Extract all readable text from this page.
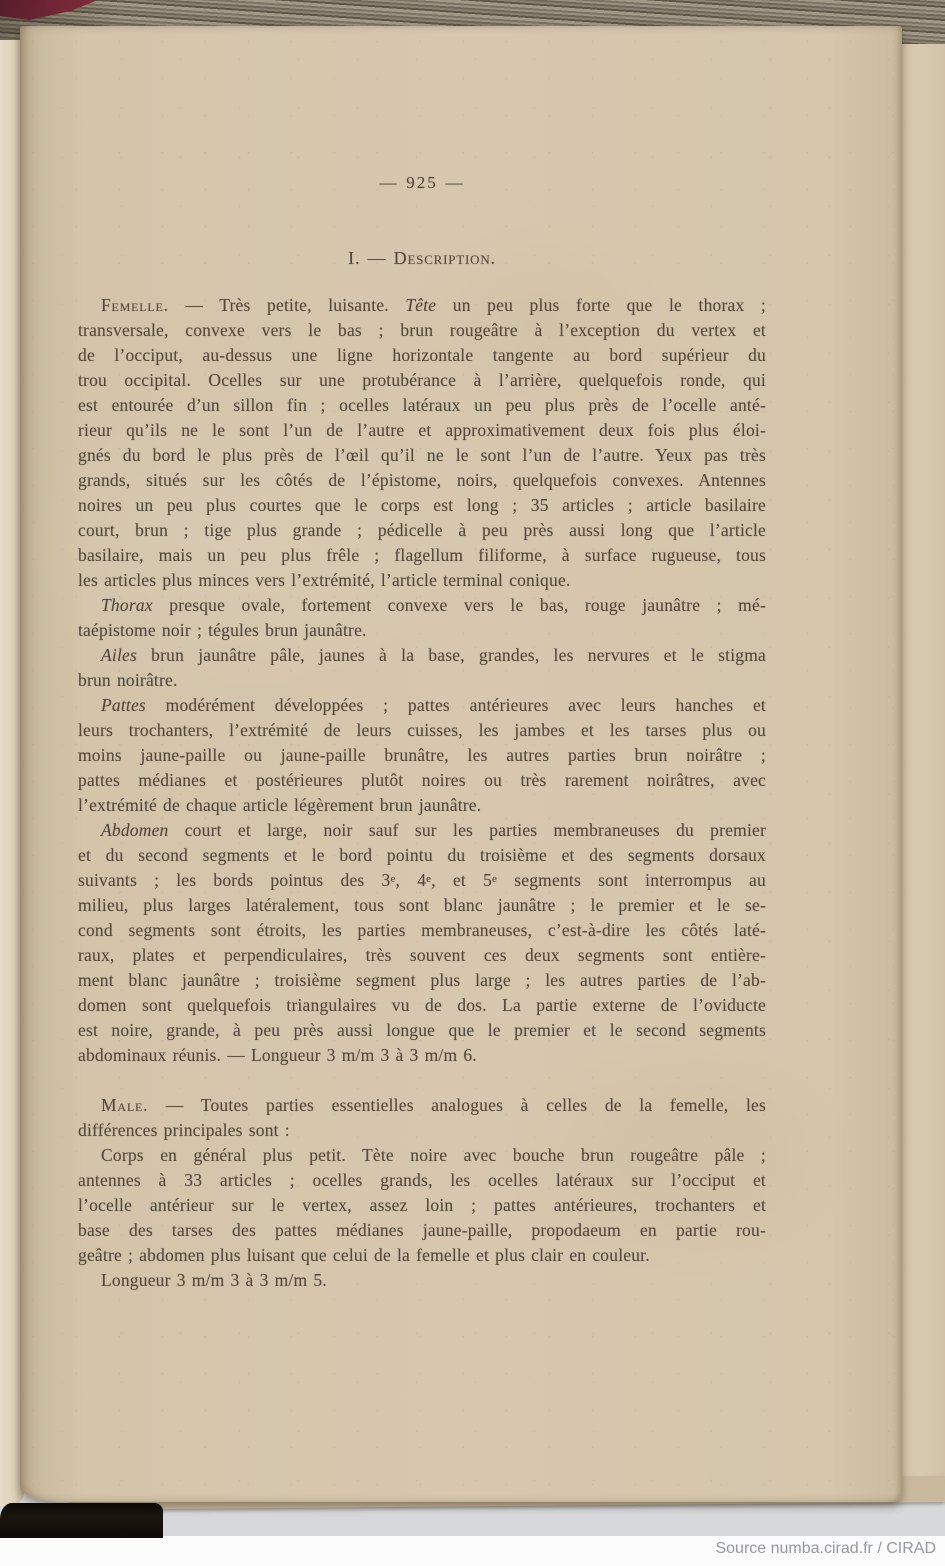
— 925 —
I. — Description.
Femelle. — Très petite, luisante. Tête un peu plus forte que le thorax ;
transversale, convexe vers le bas ; brun rougeâtre à l’exception du vertex et
de l’occiput, au-dessus une ligne horizontale tangente au bord supérieur du
trou occipital. Ocelles sur une protubérance à l’arrière, quelquefois ronde, qui
est entourée d’un sillon fin ; ocelles latéraux un peu plus près de l’ocelle anté-
rieur qu’ils ne le sont l’un de l’autre et approximativement deux fois plus éloi-
gnés du bord le plus près de l’œil qu’il ne le sont l’un de l’autre. Yeux pas très
grands, situés sur les côtés de l’épistome, noirs, quelquefois convexes. Antennes
noires un peu plus courtes que le corps est long ; 35 articles ; article basilaire
court, brun ; tige plus grande ; pédicelle à peu près aussi long que l’article
basilaire, mais un peu plus frêle ; flagellum filiforme, à surface rugueuse, tous
les articles plus minces vers l’extrémité, l’article terminal conique.
Thorax presque ovale, fortement convexe vers le bas, rouge jaunâtre ; mé-
taépistome noir ; tégules brun jaunâtre.
Ailes brun jaunâtre pâle, jaunes à la base, grandes, les nervures et le stigma
brun noirâtre.
Pattes modérément développées ; pattes antérieures avec leurs hanches et
leurs trochanters, l’extrémité de leurs cuisses, les jambes et les tarses plus ou
moins jaune-paille ou jaune-paille brunâtre, les autres parties brun noirâtre ;
pattes médianes et postérieures plutôt noires ou très rarement noirâtres, avec
l’extrémité de chaque article légèrement brun jaunâtre.
Abdomen court et large, noir sauf sur les parties membraneuses du premier
et du second segments et le bord pointu du troisième et des segments dorsaux
suivants ; les bords pointus des 3e, 4e, et 5e segments sont interrompus au
milieu, plus larges latéralement, tous sont blanc jaunâtre ; le premier et le se-
cond segments sont étroits, les parties membraneuses, c’est-à-dire les côtés laté-
raux, plates et perpendiculaires, très souvent ces deux segments sont entière-
ment blanc jaunâtre ; troisième segment plus large ; les autres parties de l’ab-
domen sont quelquefois triangulaires vu de dos. La partie externe de l’oviducte
est noire, grande, à peu près aussi longue que le premier et le second segments
abdominaux réunis. — Longueur 3 m/m 3 à 3 m/m 6.
Male. — Toutes parties essentielles analogues à celles de la femelle, les
différences principales sont :
Corps en général plus petit. Tète noire avec bouche brun rougeâtre pâle ;
antennes à 33 articles ; ocelles grands, les ocelles latéraux sur l’occiput et
l’ocelle antérieur sur le vertex, assez loin ; pattes antérieures, trochanters et
base des tarses des pattes médianes jaune-paille, propodaeum en partie rou-
geâtre ; abdomen plus luisant que celui de la femelle et plus clair en couleur.
Longueur 3 m/m 3 à 3 m/m 5.
Source numba.cirad.fr / CIRAD
